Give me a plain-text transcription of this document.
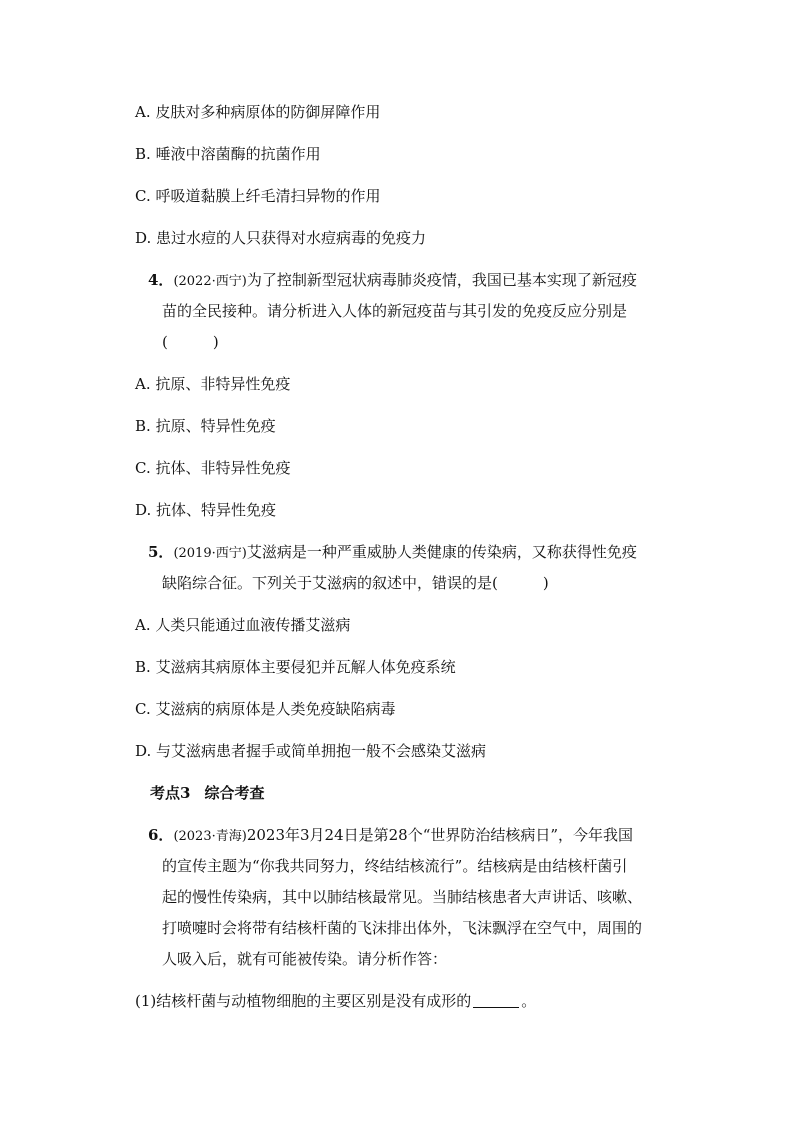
A. 皮肤对多种病原体的防御屏障作用
B. 唾液中溶菌酶的抗菌作用
C. 呼吸道黏膜上纤毛清扫异物的作用
D. 患过水痘的人只获得对水痘病毒的免疫力
4．(2022·西宁)为了控制新型冠状病毒肺炎疫情，我国已基本实现了新冠疫
苗的全民接种。请分析进入人体的新冠疫苗与其引发的免疫反应分别是
(　　　)
A. 抗原、非特异性免疫
B. 抗原、特异性免疫
C. 抗体、非特异性免疫
D. 抗体、特异性免疫
5．(2019·西宁)艾滋病是一种严重威胁人类健康的传染病，又称获得性免疫
缺陷综合征。下列关于艾滋病的叙述中，错误的是(　　　)
A. 人类只能通过血液传播艾滋病
B. 艾滋病其病原体主要侵犯并瓦解人体免疫系统
C. 艾滋病的病原体是人类免疫缺陷病毒
D. 与艾滋病患者握手或简单拥抱一般不会感染艾滋病
考点3 综合考查
6．(2023·青海)2023年3月24日是第28个“世界防治结核病日”，今年我国
的宣传主题为“你我共同努力，终结结核流行”。结核病是由结核杆菌引
起的慢性传染病，其中以肺结核最常见。当肺结核患者大声讲话、咳嗽、
打喷嚏时会将带有结核杆菌的飞沫排出体外，飞沫飘浮在空气中，周围的
人吸入后，就有可能被传染。请分析作答：
(1)结核杆菌与动植物细胞的主要区别是没有成形的	。
